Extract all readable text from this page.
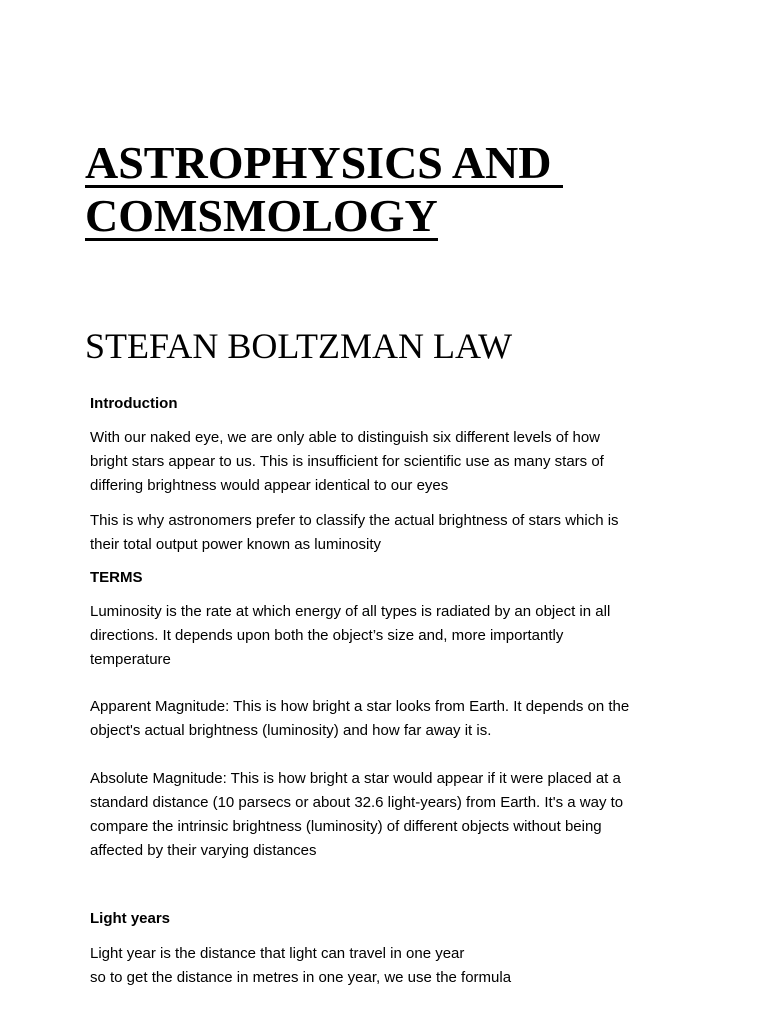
ASTROPHYSICS AND
COMSMOLOGY
STEFAN BOLTZMAN LAW

Introduction

With our naked eye, we are only able to distinguish six different levels of how
bright stars appear to us. This is insufficient for scientific use as many stars of
differing brightness would appear identical to our eyes

This is why astronomers prefer to classify the actual brightness of stars which is
their total output power known as luminosity

TERMS

Luminosity is the rate at which energy of all types is radiated by an object in all
directions. It depends upon both the object’s size and, more importantly
temperature

Apparent Magnitude: This is how bright a star looks from Earth. It depends on the
object's actual brightness (luminosity) and how far away it is.

Absolute Magnitude: This is how bright a star would appear if it were placed at a
standard distance (10 parsecs or about 32.6 light-years) from Earth. It's a way to
compare the intrinsic brightness (luminosity) of different objects without being
affected by their varying distances

Light years

Light year is the distance that light can travel in one year
so to get the distance in metres in one year, we use the formula
